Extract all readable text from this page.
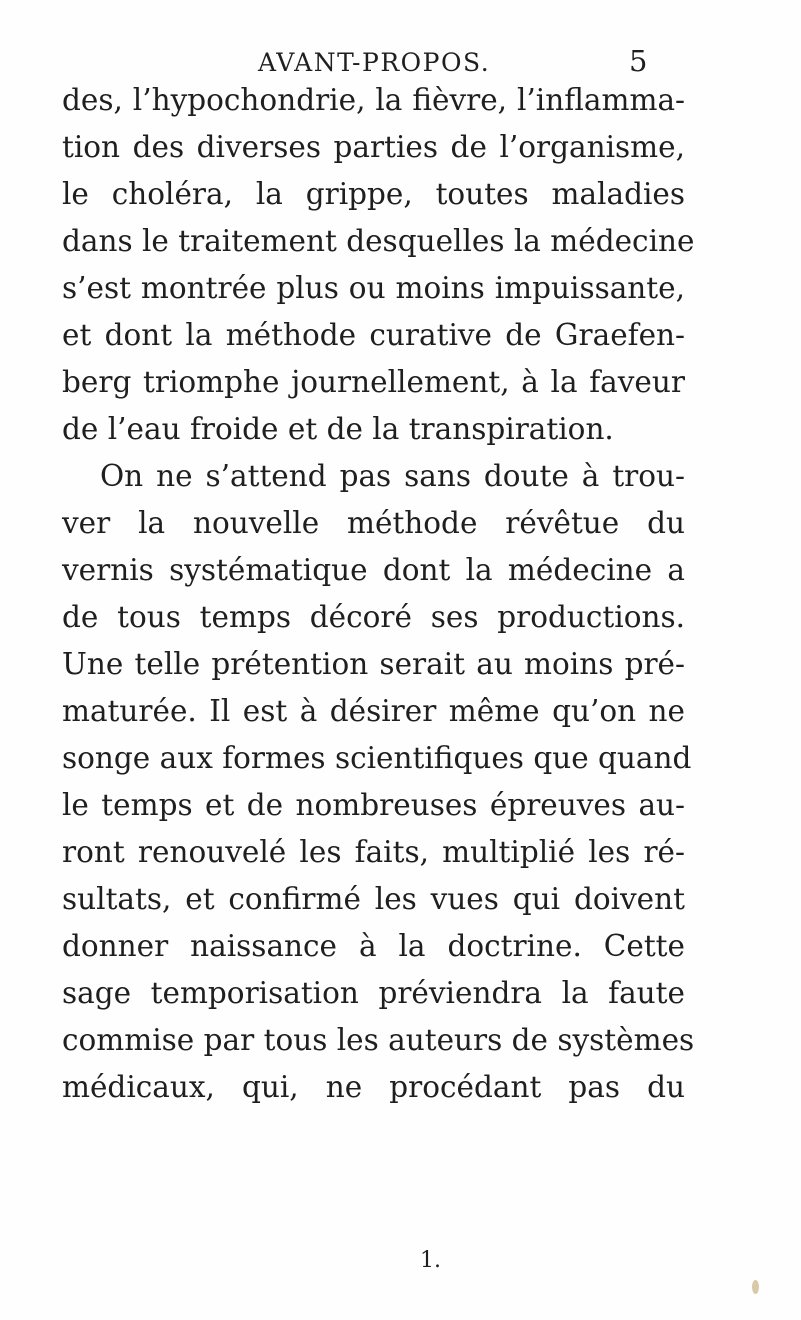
AVANT-PROPOS.	5
des, l’hypochondrie, la fièvre, l’inflamma-
tion des diverses parties de l’organisme,
le choléra, la grippe, toutes maladies
dans le traitement desquelles la médecine
s’est montrée plus ou moins impuissante,
et dont la méthode curative de Graefen-
berg triomphe journellement, à la faveur
de l’eau froide et de la transpiration.
On ne s’attend pas sans doute à trou-
ver la nouvelle méthode révêtue du
vernis systématique dont la médecine a
de tous temps décoré ses productions.
Une telle prétention serait au moins pré-
maturée. Il est à désirer même qu’on ne
songe aux formes scientifiques que quand
le temps et de nombreuses épreuves au-
ront renouvelé les faits, multiplié les ré-
sultats, et confirmé les vues qui doivent
donner naissance à la doctrine. Cette
sage temporisation préviendra la faute
commise par tous les auteurs de systèmes
médicaux, qui, ne procédant pas du
1.
